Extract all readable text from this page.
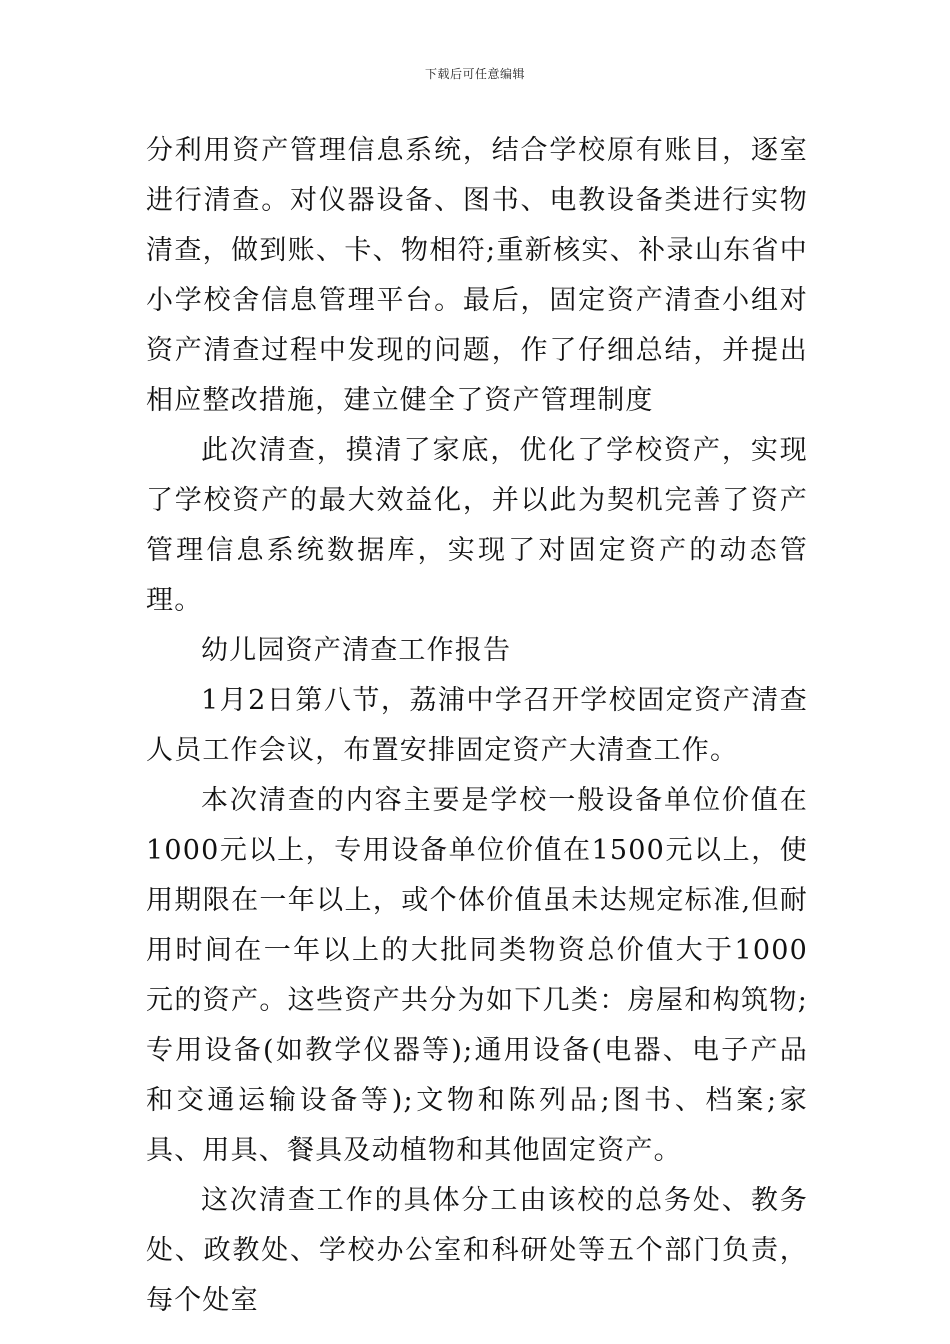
下载后可任意编辑

分利用资产管理信息系统，结合学校原有账目，逐室进行清查。对仪器设备、图书、电教设备类进行实物清查，做到账、卡、物相符;重新核实、补录山东省中小学校舍信息管理平台。最后，固定资产清查小组对资产清查过程中发现的问题，作了仔细总结，并提出相应整改措施，建立健全了资产管理制度

此次清查，摸清了家底，优化了学校资产，实现了学校资产的最大效益化，并以此为契机完善了资产管理信息系统数据库，实现了对固定资产的动态管理。

幼儿园资产清查工作报告

1月2日第八节，荔浦中学召开学校固定资产清查人员工作会议，布置安排固定资产大清查工作。

本次清查的内容主要是学校一般设备单位价值在1000元以上，专用设备单位价值在1500元以上，使用期限在一年以上，或个体价值虽未达规定标准,但耐用时间在一年以上的大批同类物资总价值大于1000元的资产。这些资产共分为如下几类：房屋和构筑物;专用设备(如教学仪器等);通用设备(电器、电子产品和交通运输设备等);文物和陈列品;图书、档案;家具、用具、餐具及动植物和其他固定资产。

这次清查工作的具体分工由该校的总务处、教务处、政教处、学校办公室和科研处等五个部门负责，每个处室
